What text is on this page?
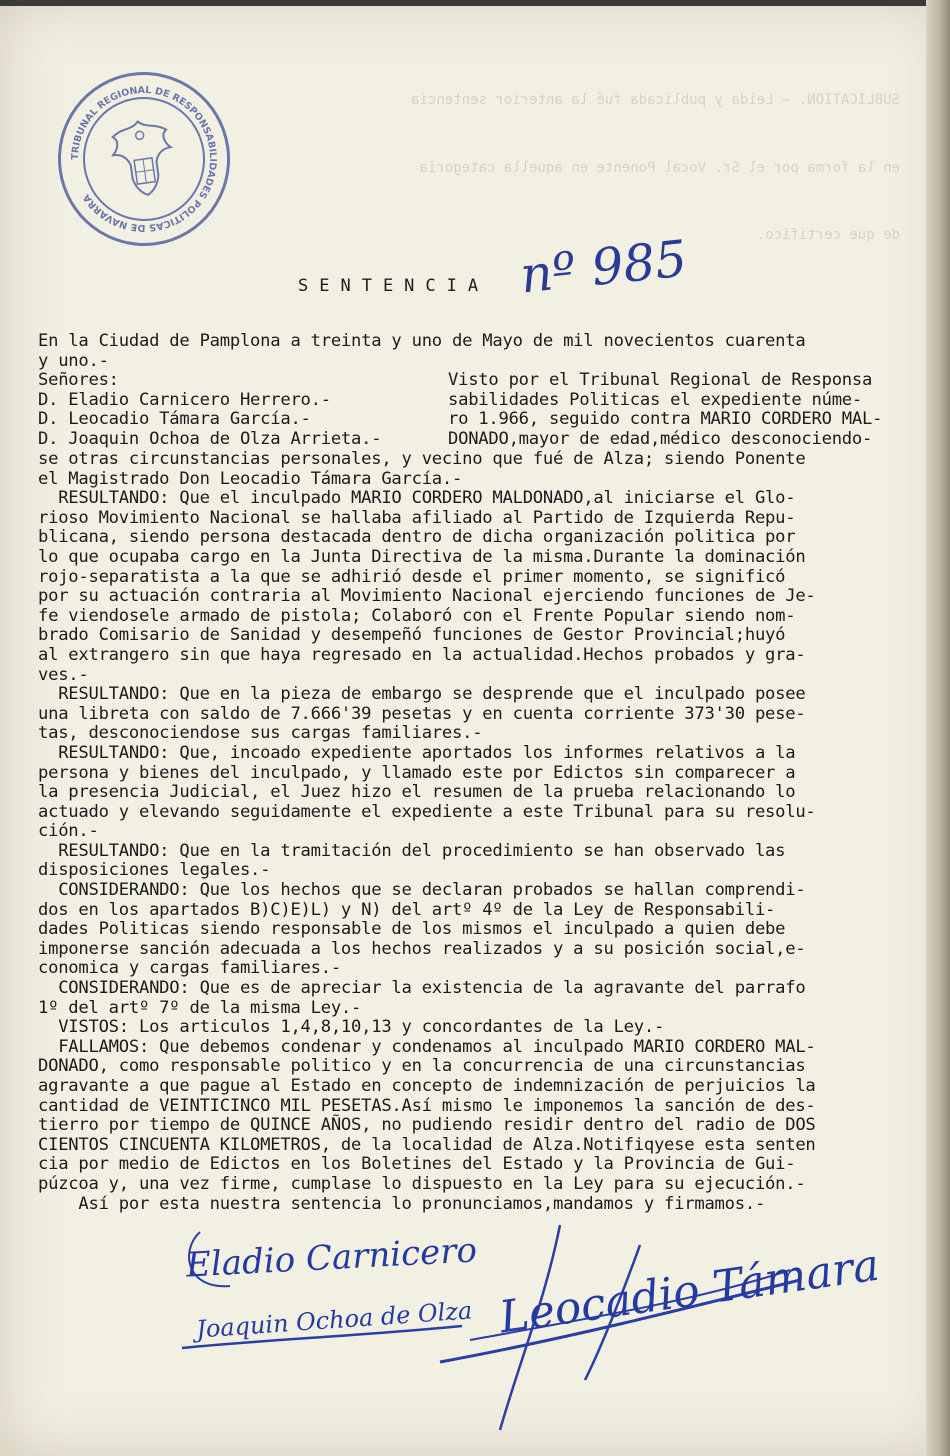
SUBLICATION. — Leida y publicada fué la anterior sentencia

en la forma por el Sr. Vocal Ponente en aquella categoria

de que certifico.

TRIBUNAL REGIONAL DE RESPONSABILIDADES POLITICAS DE NAVARRA
SENTENCIA nº 985
En la Ciudad de Pamplona a treinta y uno de Mayo de mil novecientos cuarenta
y uno.-
Señores:
D. Eladio Carnicero Herrero.-
D. Leocadio Támara García.-
D. Joaquin Ochoa de Olza Arrieta.-
Visto por el Tribunal Regional de Responsa
sabilidades Politicas el expediente núme-
ro 1.966, seguido contra MARIO CORDERO MAL-
DONADO,mayor de edad,médico desconociendo-
se otras circunstancias personales, y vecino que fué de Alza; siendo Ponente
el Magistrado Don Leocadio Támara García.-
RESULTANDO: Que el inculpado MARIO CORDERO MALDONADO,al iniciarse el Glo-
rioso Movimiento Nacional se hallaba afiliado al Partido de Izquierda Repu-
blicana, siendo persona destacada dentro de dicha organización politica por
lo que ocupaba cargo en la Junta Directiva de la misma.Durante la dominación
rojo-separatista a la que se adhirió desde el primer momento, se significó
por su actuación contraria al Movimiento Nacional ejerciendo funciones de Je-
fe viendosele armado de pistola; Colaboró con el Frente Popular siendo nom-
brado Comisario de Sanidad y desempeñó funciones de Gestor Provincial;huyó
al extrangero sin que haya regresado en la actualidad.Hechos probados y gra-
ves.-
RESULTANDO: Que en la pieza de embargo se desprende que el inculpado posee
una libreta con saldo de 7.666'39 pesetas y en cuenta corriente 373'30 pese-
tas, desconociendose sus cargas familiares.-
RESULTANDO: Que, incoado expediente aportados los informes relativos a la
persona y bienes del inculpado, y llamado este por Edictos sin comparecer a
la presencia Judicial, el Juez hizo el resumen de la prueba relacionando lo
actuado y elevando seguidamente el expediente a este Tribunal para su resolu-
ción.-
RESULTANDO: Que en la tramitación del procedimiento se han observado las
disposiciones legales.-
CONSIDERANDO: Que los hechos que se declaran probados se hallan comprendi-
dos en los apartados B)C)E)L) y N) del artº 4º de la Ley de Responsabili-
dades Politicas siendo responsable de los mismos el inculpado a quien debe
imponerse sanción adecuada a los hechos realizados y a su posición social,e-
conomica y cargas familiares.-
CONSIDERANDO: Que es de apreciar la existencia de la agravante del parrafo
1º del artº 7º de la misma Ley.-
VISTOS: Los articulos 1,4,8,10,13 y concordantes de la Ley.-
FALLAMOS: Que debemos condenar y condenamos al inculpado MARIO CORDERO MAL-
DONADO, como responsable politico y en la concurrencia de una circunstancias
agravante a que pague al Estado en concepto de indemnización de perjuicios la
cantidad de VEINTICINCO MIL PESETAS.Así mismo le imponemos la sanción de des-
tierro por tiempo de QUINCE AÑOS, no pudiendo residir dentro del radio de DOS
CIENTOS CINCUENTA KILOMETROS, de la localidad de Alza.Notifiqyese esta senten
cia por medio de Edictos en los Boletines del Estado y la Provincia de Gui-
púzcoa y, una vez firme, cumplase lo dispuesto en la Ley para su ejecución.-
Así por esta nuestra sentencia lo pronunciamos,mandamos y firmamos.-
Eladio Carnicero
Joaquin Ochoa de Olza Leocadio Támara
